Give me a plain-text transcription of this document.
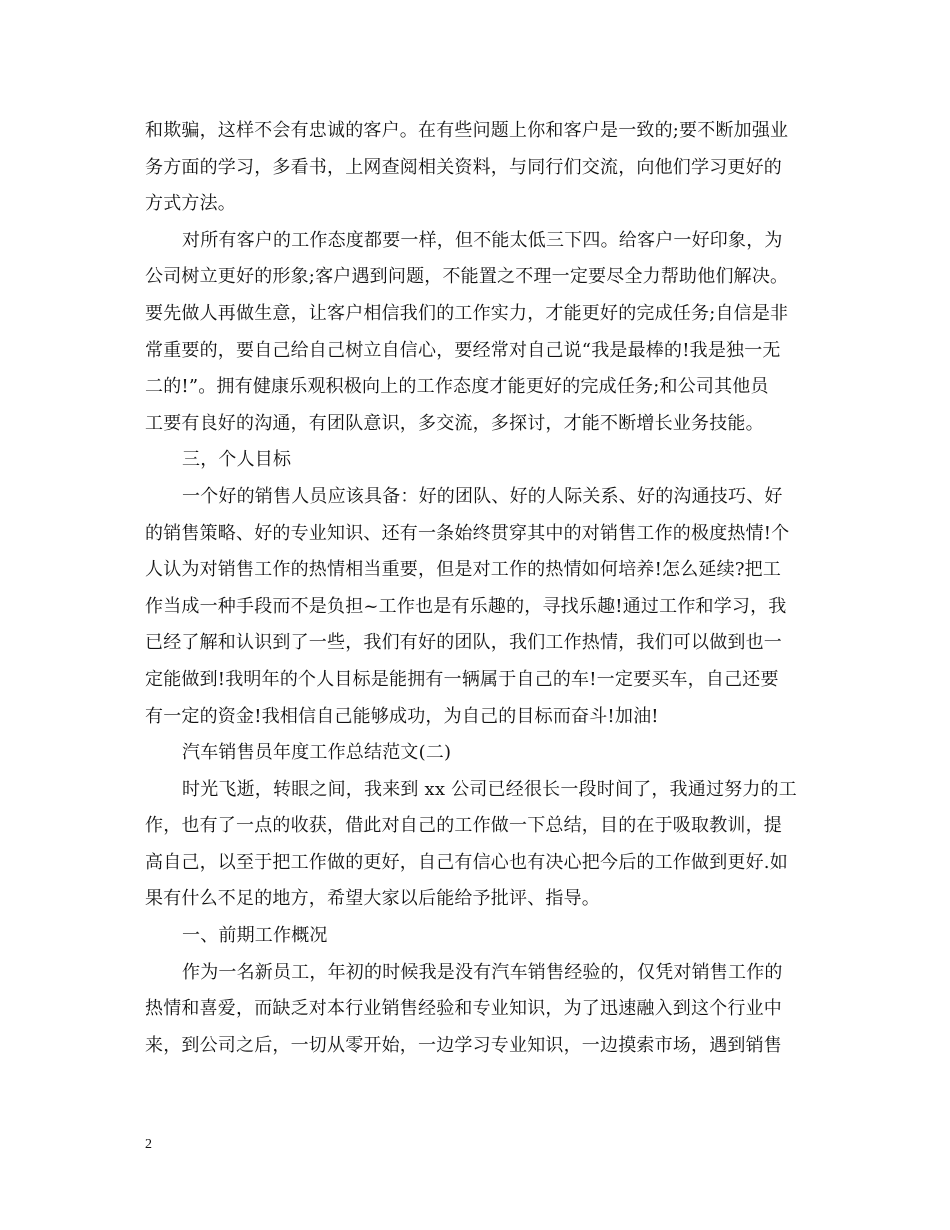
和欺骗，这样不会有忠诚的客户。在有些问题上你和客户是一致的;要不断加强业
务方面的学习，多看书，上网查阅相关资料，与同行们交流，向他们学习更好的
方式方法。
对所有客户的工作态度都要一样，但不能太低三下四。给客户一好印象，为
公司树立更好的形象;客户遇到问题，不能置之不理一定要尽全力帮助他们解决。
要先做人再做生意，让客户相信我们的工作实力，才能更好的完成任务;自信是非
常重要的，要自己给自己树立自信心，要经常对自己说“我是最棒的!我是独一无
二的!”。拥有健康乐观积极向上的工作态度才能更好的完成任务;和公司其他员
工要有良好的沟通，有团队意识，多交流，多探讨，才能不断增长业务技能。
三，个人目标
一个好的销售人员应该具备：好的团队、好的人际关系、好的沟通技巧、好
的销售策略、好的专业知识、还有一条始终贯穿其中的对销售工作的极度热情!个
人认为对销售工作的热情相当重要，但是对工作的热情如何培养!怎么延续?把工
作当成一种手段而不是负担~工作也是有乐趣的，寻找乐趣!通过工作和学习，我
已经了解和认识到了一些，我们有好的团队，我们工作热情，我们可以做到也一
定能做到!我明年的个人目标是能拥有一辆属于自己的车!一定要买车，自己还要
有一定的资金!我相信自己能够成功，为自己的目标而奋斗!加油!
汽车销售员年度工作总结范文(二)
时光飞逝，转眼之间，我来到 xx 公司已经很长一段时间了，我通过努力的工
作，也有了一点的收获，借此对自己的工作做一下总结，目的在于吸取教训，提
高自己，以至于把工作做的更好，自己有信心也有决心把今后的工作做到更好.如
果有什么不足的地方，希望大家以后能给予批评、指导。
一、前期工作概况
作为一名新员工，年初的时候我是没有汽车销售经验的，仅凭对销售工作的
热情和喜爱，而缺乏对本行业销售经验和专业知识，为了迅速融入到这个行业中
来，到公司之后，一切从零开始，一边学习专业知识，一边摸索市场，遇到销售
2
